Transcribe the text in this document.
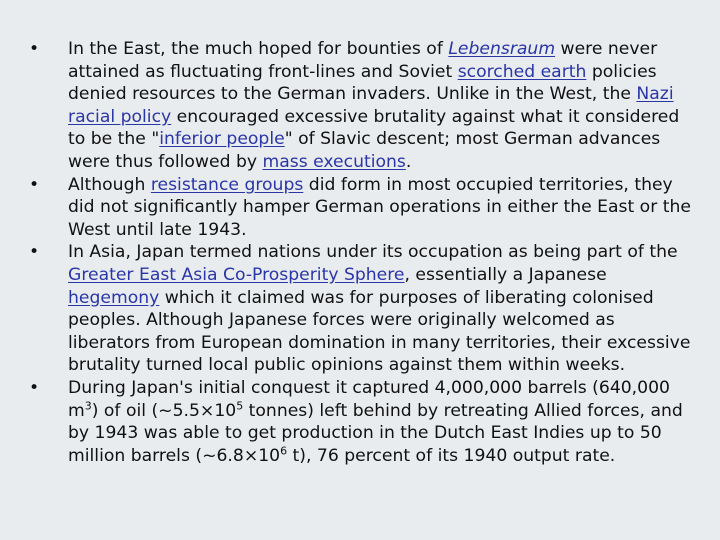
• In the East, the much hoped for bounties of Lebensraum were never attained as fluctuating front-lines and Soviet scorched earth policies denied resources to the German invaders. Unlike in the West, the Nazi racial policy encouraged excessive brutality against what it considered to be the "inferior people" of Slavic descent; most German advances were thus followed by mass executions.
• Although resistance groups did form in most occupied territories, they did not significantly hamper German operations in either the East or the West until late 1943.
• In Asia, Japan termed nations under its occupation as being part of the Greater East Asia Co-Prosperity Sphere, essentially a Japanese hegemony which it claimed was for purposes of liberating colonised peoples. Although Japanese forces were originally welcomed as liberators from European domination in many territories, their excessive brutality turned local public opinions against them within weeks.
• During Japan's initial conquest it captured 4,000,000 barrels (640,000 $m^3$) of oil ($\sim 5.5\times 10^5$ tonnes) left behind by retreating Allied forces, and by 1943 was able to get production in the Dutch East Indies up to 50 million barrels ($\sim 6.8\times 10^6$ t), 76 percent of its 1940 output rate.
